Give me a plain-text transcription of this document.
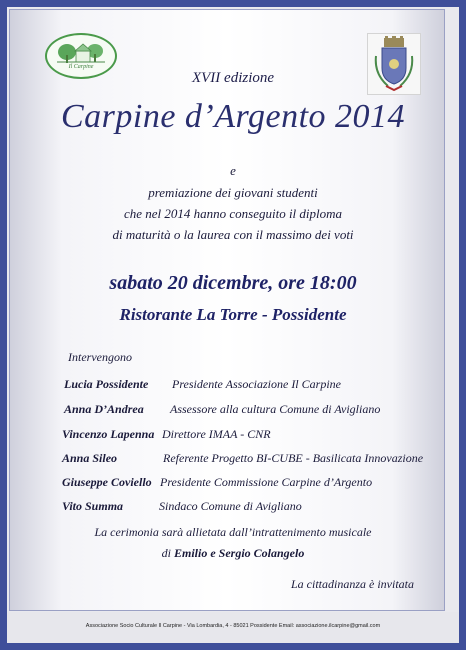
Il Carpine
XVII edizione
Carpine d’Argento 2014
e
premiazione dei giovani studenti
che nel 2014 hanno conseguito il diploma
di maturità o la laurea con il massimo dei voti
sabato 20 dicembre, ore 18:00
Ristorante La Torre - Possidente
Intervengono
Lucia Possidente Presidente Associazione Il Carpine
Anna D’Andrea Assessore alla cultura Comune di Avigliano
Vincenzo Lapenna Direttore IMAA - CNR
Anna Sileo	Referente Progetto BI-CUBE - Basilicata Innovazione
Giuseppe Coviello Presidente Commissione Carpine d’Argento
Vito Summa	Sindaco Comune di Avigliano
La cerimonia sarà allietata dall’intrattenimento musicale
di Emilio e Sergio Colangelo
La cittadinanza è invitata
Associazione Socio Culturale Il Carpine - Via Lombardia, 4 - 85021 Possidente Email: associazione.ilcarpine@gmail.com
